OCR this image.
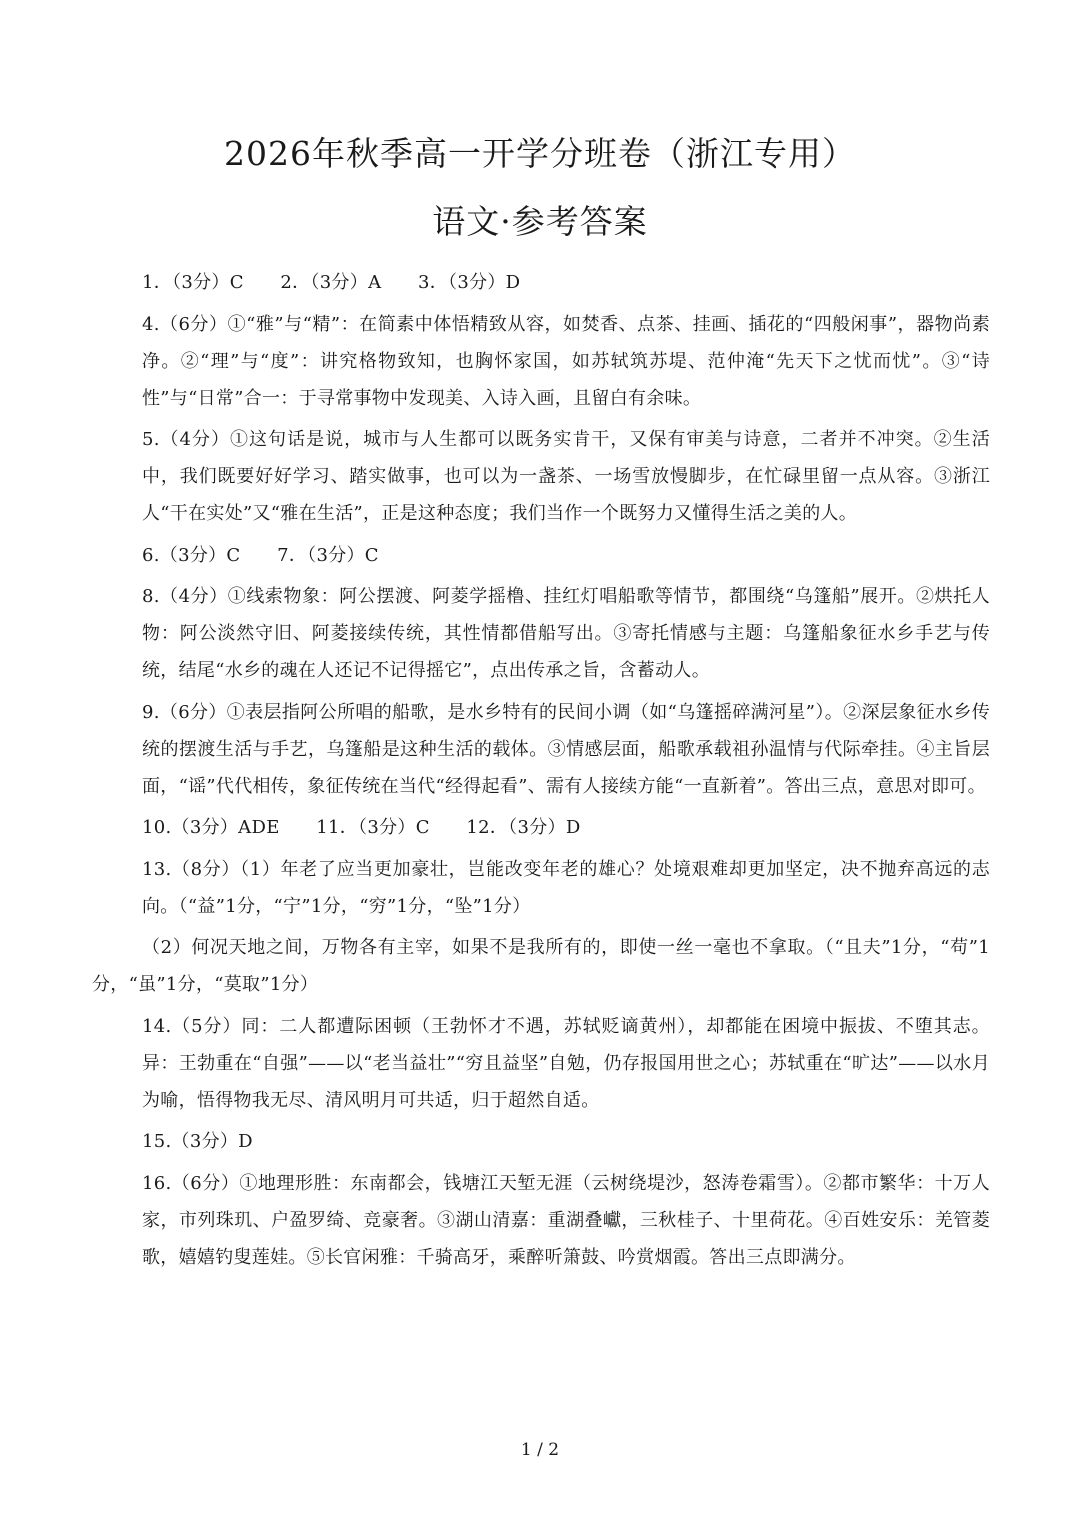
2026年秋季高一开学分班卷（浙江专用）
语文·参考答案

1．（3分）C　　2．（3分）A　　3．（3分）D

4.（6分）①“雅”与“精”：在简素中体悟精致从容，如焚香、点茶、挂画、插花的“四般闲事”，器物尚素净。②“理”与“度”：讲究格物致知，也胸怀家国，如苏轼筑苏堤、范仲淹“先天下之忧而忧”。③“诗性”与“日常”合一：于寻常事物中发现美、入诗入画，且留白有余味。

5.（4分）①这句话是说，城市与人生都可以既务实肯干，又保有审美与诗意，二者并不冲突。②生活中，我们既要好好学习、踏实做事，也可以为一盏茶、一场雪放慢脚步，在忙碌里留一点从容。③浙江人“干在实处”又“雅在生活”，正是这种态度；我们当作一个既努力又懂得生活之美的人。

6.（3分）C　　7．（3分）C

8.（4分）①线索物象：阿公摆渡、阿菱学摇橹、挂红灯唱船歌等情节，都围绕“乌篷船”展开。②烘托人物：阿公淡然守旧、阿菱接续传统，其性情都借船写出。③寄托情感与主题：乌篷船象征水乡手艺与传统，结尾“水乡的魂在人还记不记得摇它”，点出传承之旨，含蓄动人。

9.（6分）①表层指阿公所唱的船歌，是水乡特有的民间小调（如“乌篷摇碎满河星”）。②深层象征水乡传统的摆渡生活与手艺，乌篷船是这种生活的载体。③情感层面，船歌承载祖孙温情与代际牵挂。④主旨层面，“谣”代代相传，象征传统在当代“经得起看”、需有人接续方能“一直新着”。答出三点，意思对即可。

10.（3分）ADE　　11．（3分）C　　12．（3分）D

13.（8分）（1）年老了应当更加豪壮，岂能改变年老的雄心？处境艰难却更加坚定，决不抛弃高远的志向。（“益”1分，“宁”1分，“穷”1分，“坠”1分）

（2）何况天地之间，万物各有主宰，如果不是我所有的，即使一丝一毫也不拿取。（“且夫”1分，“苟”1分，“虽”1分，“莫取”1分）

14.（5分）同：二人都遭际困顿（王勃怀才不遇，苏轼贬谪黄州），却都能在困境中振拔、不堕其志。异：王勃重在“自强”——以“老当益壮”“穷且益坚”自勉，仍存报国用世之心；苏轼重在“旷达”——以水月为喻，悟得物我无尽、清风明月可共适，归于超然自适。

15.（3分）D

16.（6分）①地理形胜：东南都会，钱塘江天堑无涯（云树绕堤沙，怒涛卷霜雪）。②都市繁华：十万人家，市列珠玑、户盈罗绮、竞豪奢。③湖山清嘉：重湖叠巘，三秋桂子、十里荷花。④百姓安乐：羌管菱歌，嬉嬉钓叟莲娃。⑤长官闲雅：千骑高牙，乘醉听箫鼓、吟赏烟霞。答出三点即满分。

1 / 2
